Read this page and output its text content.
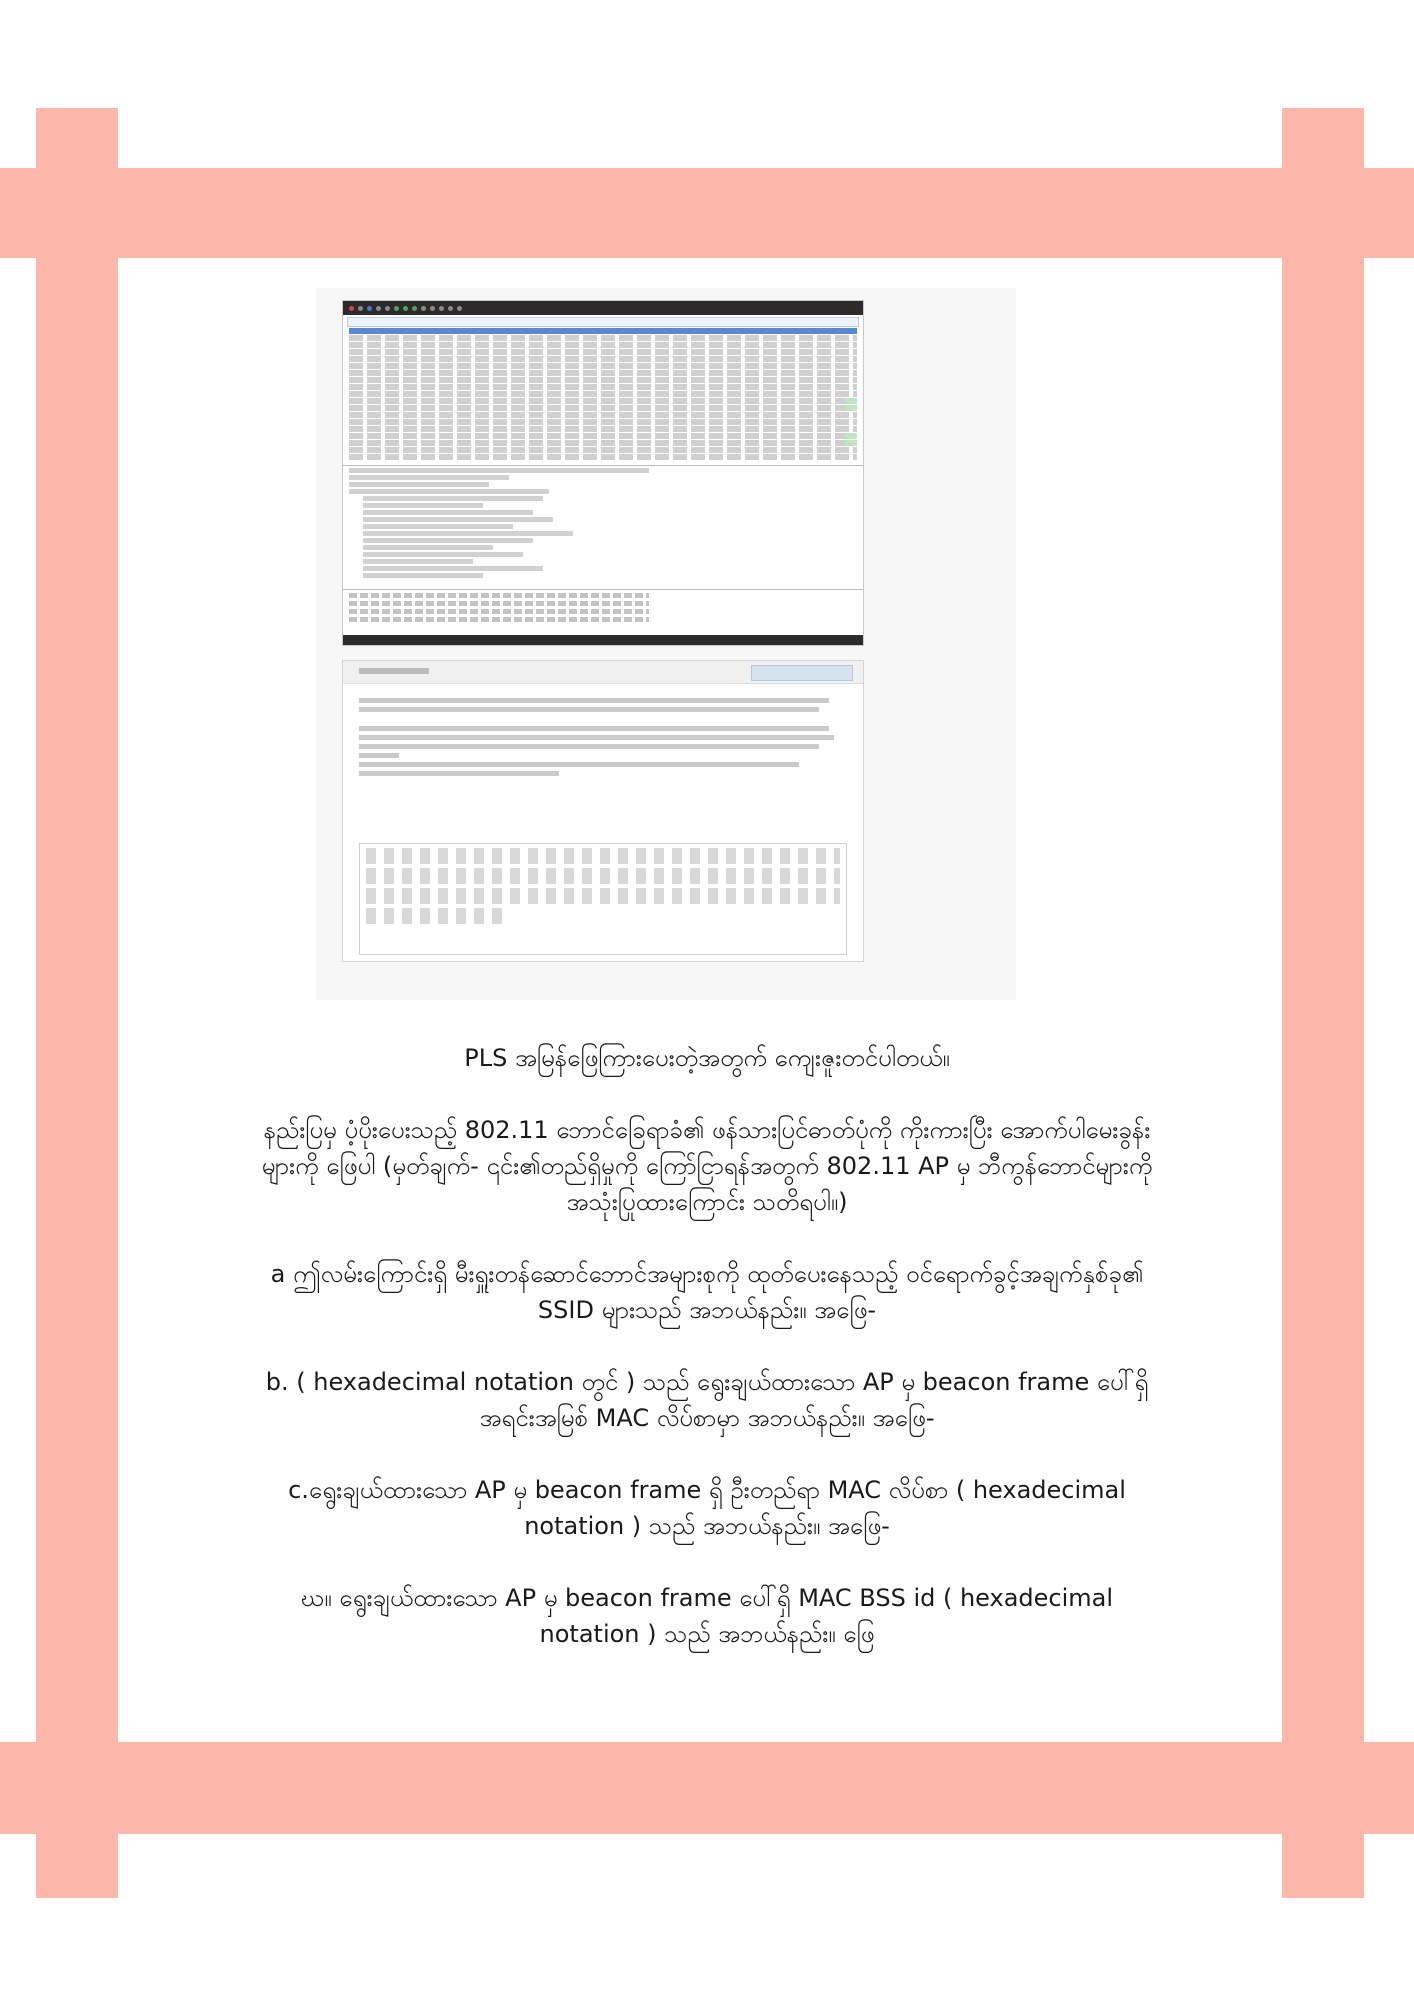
PLS အမြန်ဖြေကြားပေးတဲ့အတွက် ကျေးဇူးတင်ပါတယ်။

နည်းပြမှ ပံ့ပိုးပေးသည့် 802.11 ဘောင်ခြေရာခံ၏ ဖန်သားပြင်ဓာတ်ပုံကို ကိုးကားပြီး အောက်ပါမေးခွန်းများကို ဖြေပါ (မှတ်ချက်- ၎င်း၏တည်ရှိမှုကို ကြော်ငြာရန်အတွက် 802.11 AP မှ ဘီကွန်ဘောင်များကို အသုံးပြုထားကြောင်း သတိရပါ။)

a ဤလမ်းကြောင်းရှိ မီးရှူးတန်ဆောင်ဘောင်အများစုကို ထုတ်ပေးနေသည့် ဝင်ရောက်ခွင့်အချက်နှစ်ခု၏ SSID များသည် အဘယ်နည်း။ အဖြေ-

b. ( hexadecimal notation တွင် ) သည် ရွေးချယ်ထားသော AP မှ beacon frame ပေါ်ရှိ အရင်းအမြစ် MAC လိပ်စာမှာ အဘယ်နည်း။ အဖြေ-

c.ရွေးချယ်ထားသော AP မှ beacon frame ရှိ ဦးတည်ရာ MAC လိပ်စာ ( hexadecimal notation ) သည် အဘယ်နည်း။ အဖြေ-

ဃ။ ရွေးချယ်ထားသော AP မှ beacon frame ပေါ်ရှိ MAC BSS id ( hexadecimal notation ) သည် အဘယ်နည်း။ ဖြေ
